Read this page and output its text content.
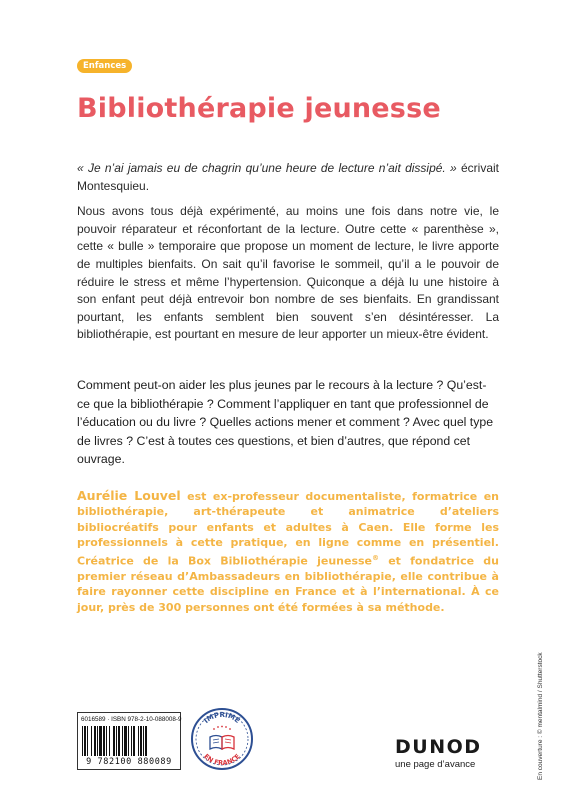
Enfances
Bibliothérapie jeunesse

« Je n’ai jamais eu de chagrin qu’une heure de lecture n’ait dissipé. » écrivait Montesquieu.

Nous avons tous déjà expérimenté, au moins une fois dans notre vie, le pouvoir réparateur et réconfortant de la lecture. Outre cette « parenthèse », cette « bulle » temporaire que propose un moment de lecture, le livre apporte de multiples bienfaits. On sait qu’il favorise le sommeil, qu’il a le pouvoir de réduire le stress et même l’hypertension. Quiconque a déjà lu une histoire à son enfant peut déjà entrevoir bon nombre de ses bienfaits. En grandissant pourtant, les enfants semblent bien souvent s’en désintéresser. La bibliothérapie, est pourtant en mesure de leur apporter un mieux-être évident.

Comment peut-on aider les plus jeunes par le recours à la lecture ? Qu’est-ce que la bibliothérapie ? Comment l’appliquer en tant que professionnel de l’éducation ou du livre ? Quelles actions mener et comment ? Avec quel type de livres ? C’est à toutes ces questions, et bien d’autres, que répond cet ouvrage.

Aurélie Louvel est ex-professeur documentaliste, formatrice en bibliothérapie, art-thérapeute et animatrice d’ateliers bibliocréatifs pour enfants et adultes à Caen. Elle forme les professionnels à cette pratique, en ligne comme en présentiel. Créatrice de la Box Bibliothérapie jeunesse® et fondatrice du premier réseau d’Ambassadeurs en bibliothérapie, elle contribue à faire rayonner cette discipline en France et à l’international. À ce jour, près de 300 personnes ont été formées à sa méthode.

En couverture : © mentalmind / Shutterstock
6016589 · ISBN 978-2-10-088008-9
9 782100 880089
IMPRIMÉ
EN FRANCE	DUNOD
une page d’avance
